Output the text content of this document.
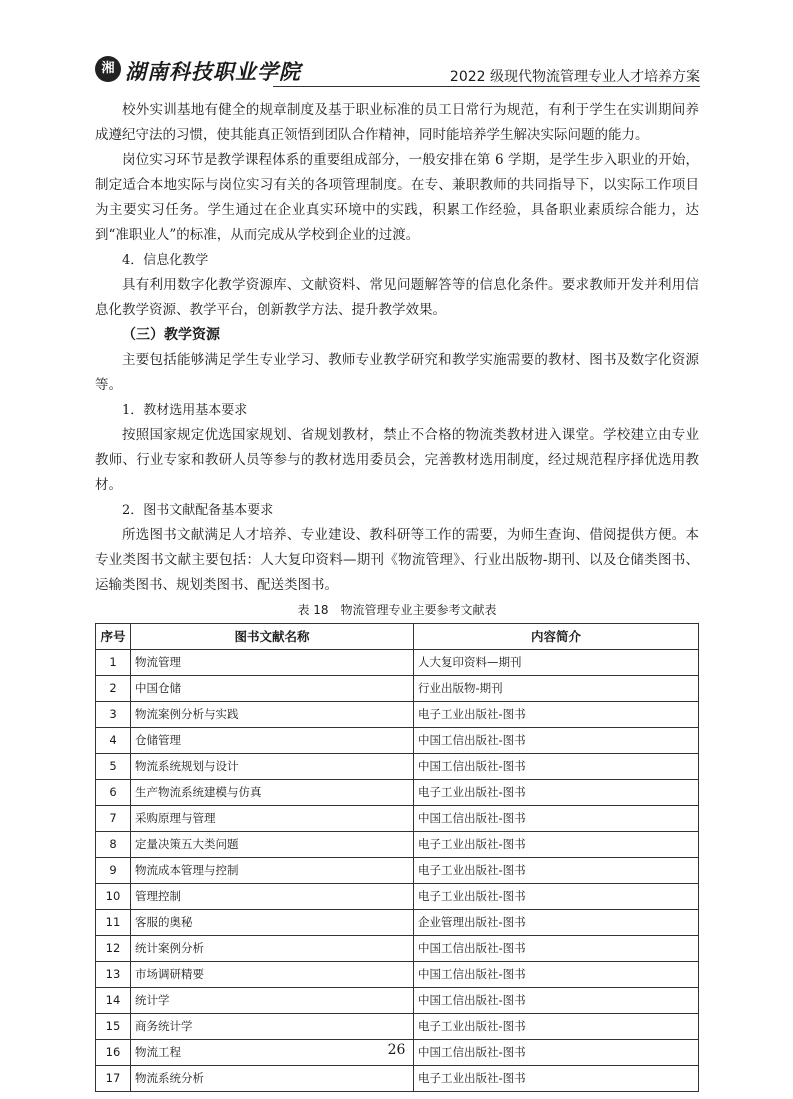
湘 湖南科技职业学院	2022 级现代物流管理专业人才培养方案

校外实训基地有健全的规章制度及基于职业标准的员工日常行为规范，有利于学生在实训期间养成遵纪守法的习惯，使其能真正领悟到团队合作精神，同时能培养学生解决实际问题的能力。

岗位实习环节是教学课程体系的重要组成部分，一般安排在第 6 学期，是学生步入职业的开始，制定适合本地实际与岗位实习有关的各项管理制度。在专、兼职教师的共同指导下，以实际工作项目为主要实习任务。学生通过在企业真实环境中的实践，积累工作经验，具备职业素质综合能力，达到“准职业人”的标准，从而完成从学校到企业的过渡。

4．信息化教学

具有利用数字化教学资源库、文献资料、常见问题解答等的信息化条件。要求教师开发并利用信息化教学资源、教学平台，创新教学方法、提升教学效果。

（三）教学资源

主要包括能够满足学生专业学习、教师专业教学研究和教学实施需要的教材、图书及数字化资源等。

1．教材选用基本要求

按照国家规定优选国家规划、省规划教材，禁止不合格的物流类教材进入课堂。学校建立由专业教师、行业专家和教研人员等参与的教材选用委员会，完善教材选用制度，经过规范程序择优选用教材。

2．图书文献配备基本要求

所选图书文献满足人才培养、专业建设、教科研等工作的需要，为师生查询、借阅提供方便。本专业类图书文献主要包括：人大复印资料—期刊《物流管理》、行业出版物-期刊、以及仓储类图书、运输类图书、规划类图书、配送类图书。

表 18　物流管理专业主要参考文献表
序号	图书文献名称	内容简介
1	物流管理	人大复印资料—期刊
2	中国仓储	行业出版物-期刊
3	物流案例分析与实践	电子工业出版社-图书
4	仓储管理	中国工信出版社-图书
5	物流系统规划与设计	中国工信出版社-图书
6	生产物流系统建模与仿真	电子工业出版社-图书
7	采购原理与管理	中国工信出版社-图书
8	定量决策五大类问题	电子工业出版社-图书
9	物流成本管理与控制	电子工业出版社-图书
10	管理控制	电子工业出版社-图书
11	客服的奥秘	企业管理出版社-图书
12	统计案例分析	中国工信出版社-图书
13	市场调研精要	中国工信出版社-图书
14	统计学	中国工信出版社-图书
15	商务统计学	电子工业出版社-图书
16	物流工程	中国工信出版社-图书
17	物流系统分析	电子工业出版社-图书
26
